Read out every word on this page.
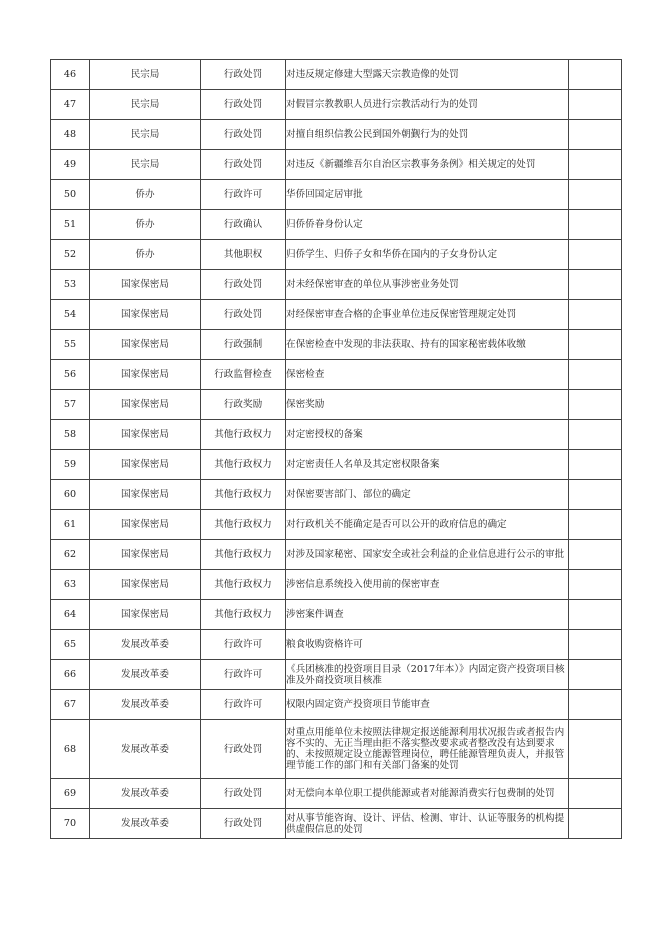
46	民宗局	行政处罚	对违反规定修建大型露天宗教造像的处罚	
47	民宗局	行政处罚	对假冒宗教教职人员进行宗教活动行为的处罚	
48	民宗局	行政处罚	对擅自组织信教公民到国外朝觐行为的处罚	
49	民宗局	行政处罚	对违反《新疆维吾尔自治区宗教事务条例》相关规定的处罚	
50	侨办	行政许可	华侨回国定居审批	
51	侨办	行政确认	归侨侨眷身份认定	
52	侨办	其他职权	归侨学生、归侨子女和华侨在国内的子女身份认定	
53	国家保密局	行政处罚	对未经保密审查的单位从事涉密业务处罚	
54	国家保密局	行政处罚	对经保密审查合格的企事业单位违反保密管理规定处罚	
55	国家保密局	行政强制	在保密检查中发现的非法获取、持有的国家秘密载体收缴	
56	国家保密局	行政监督检查	保密检查	
57	国家保密局	行政奖励	保密奖励	
58	国家保密局	其他行政权力	对定密授权的备案	
59	国家保密局	其他行政权力	对定密责任人名单及其定密权限备案	
60	国家保密局	其他行政权力	对保密要害部门、部位的确定	
61	国家保密局	其他行政权力	对行政机关不能确定是否可以公开的政府信息的确定	
62	国家保密局	其他行政权力	对涉及国家秘密、国家安全或社会利益的企业信息进行公示的审批	
63	国家保密局	其他行政权力	涉密信息系统投入使用前的保密审查	
64	国家保密局	其他行政权力	涉密案件调查	
65	发展改革委	行政许可	粮食收购资格许可	
66	发展改革委	行政许可	《兵团核准的投资项目目录（2017年本）》内固定资产投资项目核准及外商投资项目核准	
67	发展改革委	行政许可	权限内固定资产投资项目节能审查	
68	发展改革委	行政处罚	对重点用能单位未按照法律规定报送能源利用状况报告或者报告内容不实的、无正当理由拒不落实整改要求或者整改没有达到要求的、未按照规定设立能源管理岗位，聘任能源管理负责人，并报管理节能工作的部门和有关部门备案的处罚	
69	发展改革委	行政处罚	对无偿向本单位职工提供能源或者对能源消费实行包费制的处罚	
70	发展改革委	行政处罚	对从事节能咨询、设计、评估、检测、审计、认证等服务的机构提供虚假信息的处罚	
